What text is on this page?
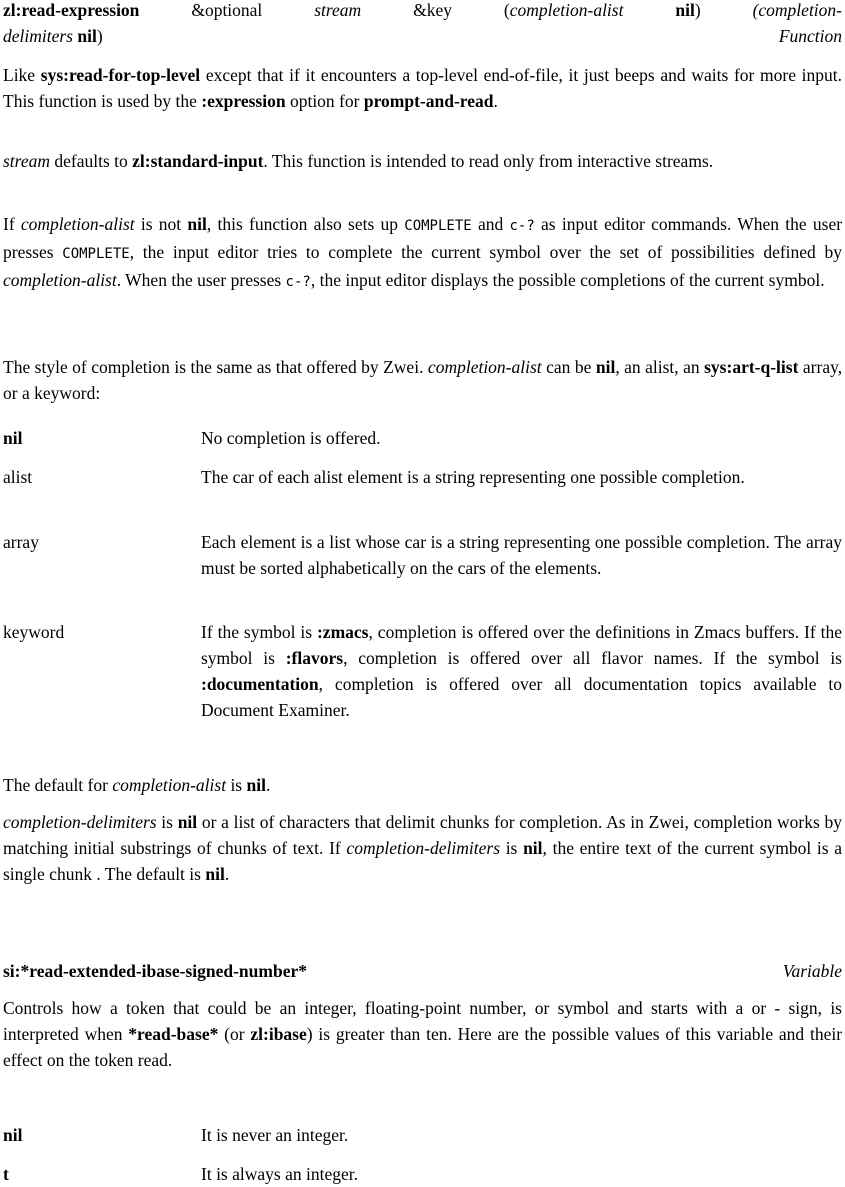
zl:read-expression	&optional	stream	&key	(completion-alist	nil)	(completion-

delimiters nil)	Function

Like sys:read-for-top-level except that if it encounters a top-level end-of-file, it just beeps and waits for more input. This function is used by the :expression option for prompt-and-read.

stream defaults to zl:standard-input. This function is intended to read only from interactive streams.

If completion-alist is not nil, this function also sets up COMPLETE and c-? as input editor commands. When the user presses COMPLETE, the input editor tries to complete the current symbol over the set of possibilities defined by completion-alist. When the user presses c-?, the input editor displays the possible completions of the current symbol.

The style of completion is the same as that offered by Zwei. completion-alist can be nil, an alist, an sys:art-q-list array, or a keyword:

nil	No completion is offered.
alist	The car of each alist element is a string representing one possible completion.
array	Each element is a list whose car is a string representing one possible completion. The array must be sorted alphabetically on the cars of the elements.
keyword	If the symbol is :zmacs, completion is offered over the definitions in Zmacs buffers. If the symbol is :flavors, completion is offered over all flavor names. If the symbol is :documentation, completion is offered over all documentation topics available to Document Examiner.

The default for completion-alist is nil.

completion-delimiters is nil or a list of characters that delimit chunks for completion. As in Zwei, completion works by matching initial substrings of chunks of text. If completion-delimiters is nil, the entire text of the current symbol is a single chunk . The default is nil.

si:*read-extended-ibase-signed-number*	Variable

Controls how a token that could be an integer, floating-point number, or symbol and starts with a or - sign, is interpreted when *read-base* (or zl:ibase) is greater than ten. Here are the possible values of this variable and their effect on the token read.

nil	It is never an integer.
t	It is always an integer.
